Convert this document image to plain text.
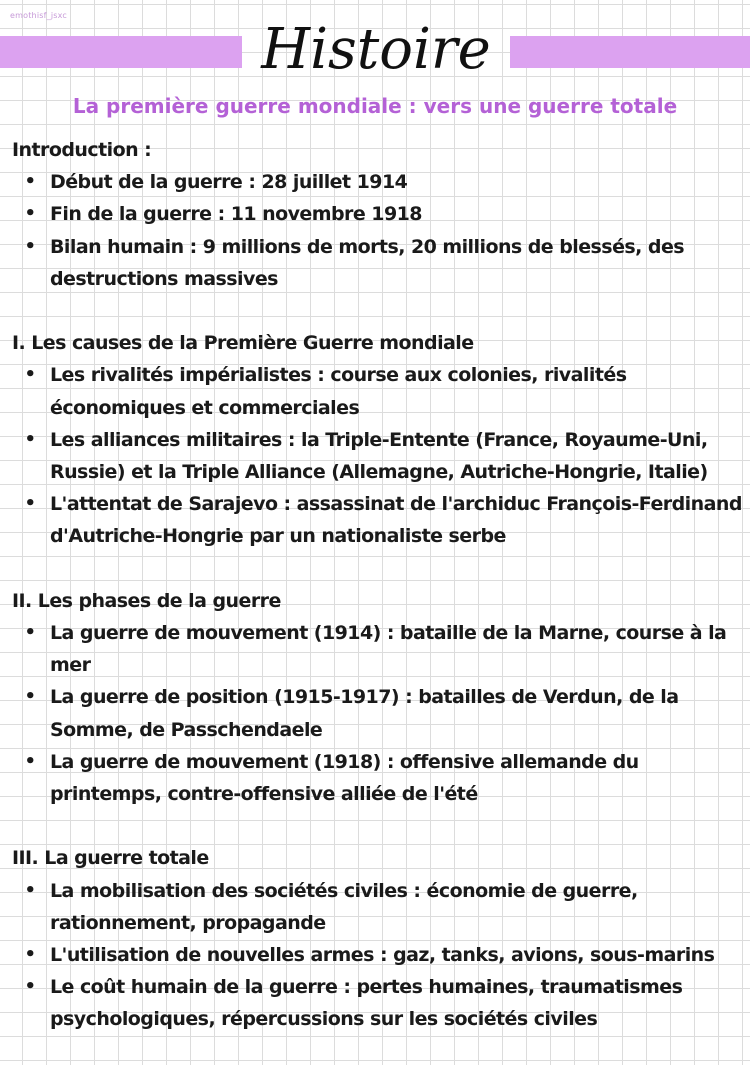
emothisf_jsxc
Histoire
La première guerre mondiale : vers une guerre totale

Introduction :

• Début de la guerre : 28 juillet 1914
• Fin de la guerre : 11 novembre 1918
• Bilan humain : 9 millions de morts, 20 millions de blessés, des destructions massives

I. Les causes de la Première Guerre mondiale

• Les rivalités impérialistes : course aux colonies, rivalités économiques et commerciales
• Les alliances militaires : la Triple-Entente (France, Royaume-Uni, Russie) et la Triple Alliance (Allemagne, Autriche-Hongrie, Italie)
• L'attentat de Sarajevo : assassinat de l'archiduc François-Ferdinand d'Autriche-Hongrie par un nationaliste serbe

II. Les phases de la guerre

• La guerre de mouvement (1914) : bataille de la Marne, course à la mer
• La guerre de position (1915-1917) : batailles de Verdun, de la Somme, de Passchendaele
• La guerre de mouvement (1918) : offensive allemande du printemps, contre-offensive alliée de l'été

III. La guerre totale

• La mobilisation des sociétés civiles : économie de guerre, rationnement, propagande
• L'utilisation de nouvelles armes : gaz, tanks, avions, sous-marins
• Le coût humain de la guerre : pertes humaines, traumatismes psychologiques, répercussions sur les sociétés civiles
